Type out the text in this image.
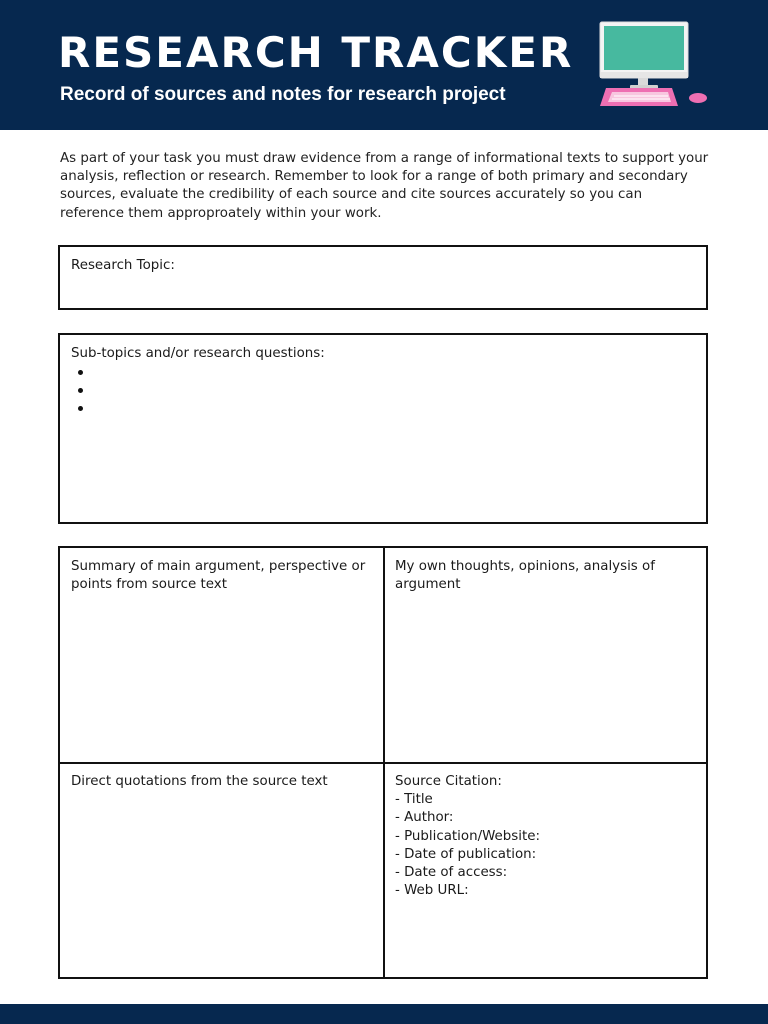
RESEARCH TRACKER
Record of sources and notes for research project
As part of your task you must draw evidence from a range of informational texts to support your analysis, reflection or research. Remember to look for a range of both primary and secondary sources, evaluate the credibility of each source and cite sources accurately so you can reference them approproately within your work.
Research Topic:
Sub-topics and/or research questions:
Summary of main argument, perspective or points from source text
My own thoughts, opinions, analysis of argument
Direct quotations from the source text	Source Citation:
- Title
- Author:
- Publication/Website:
- Date of publication:
- Date of access:
- Web URL:
